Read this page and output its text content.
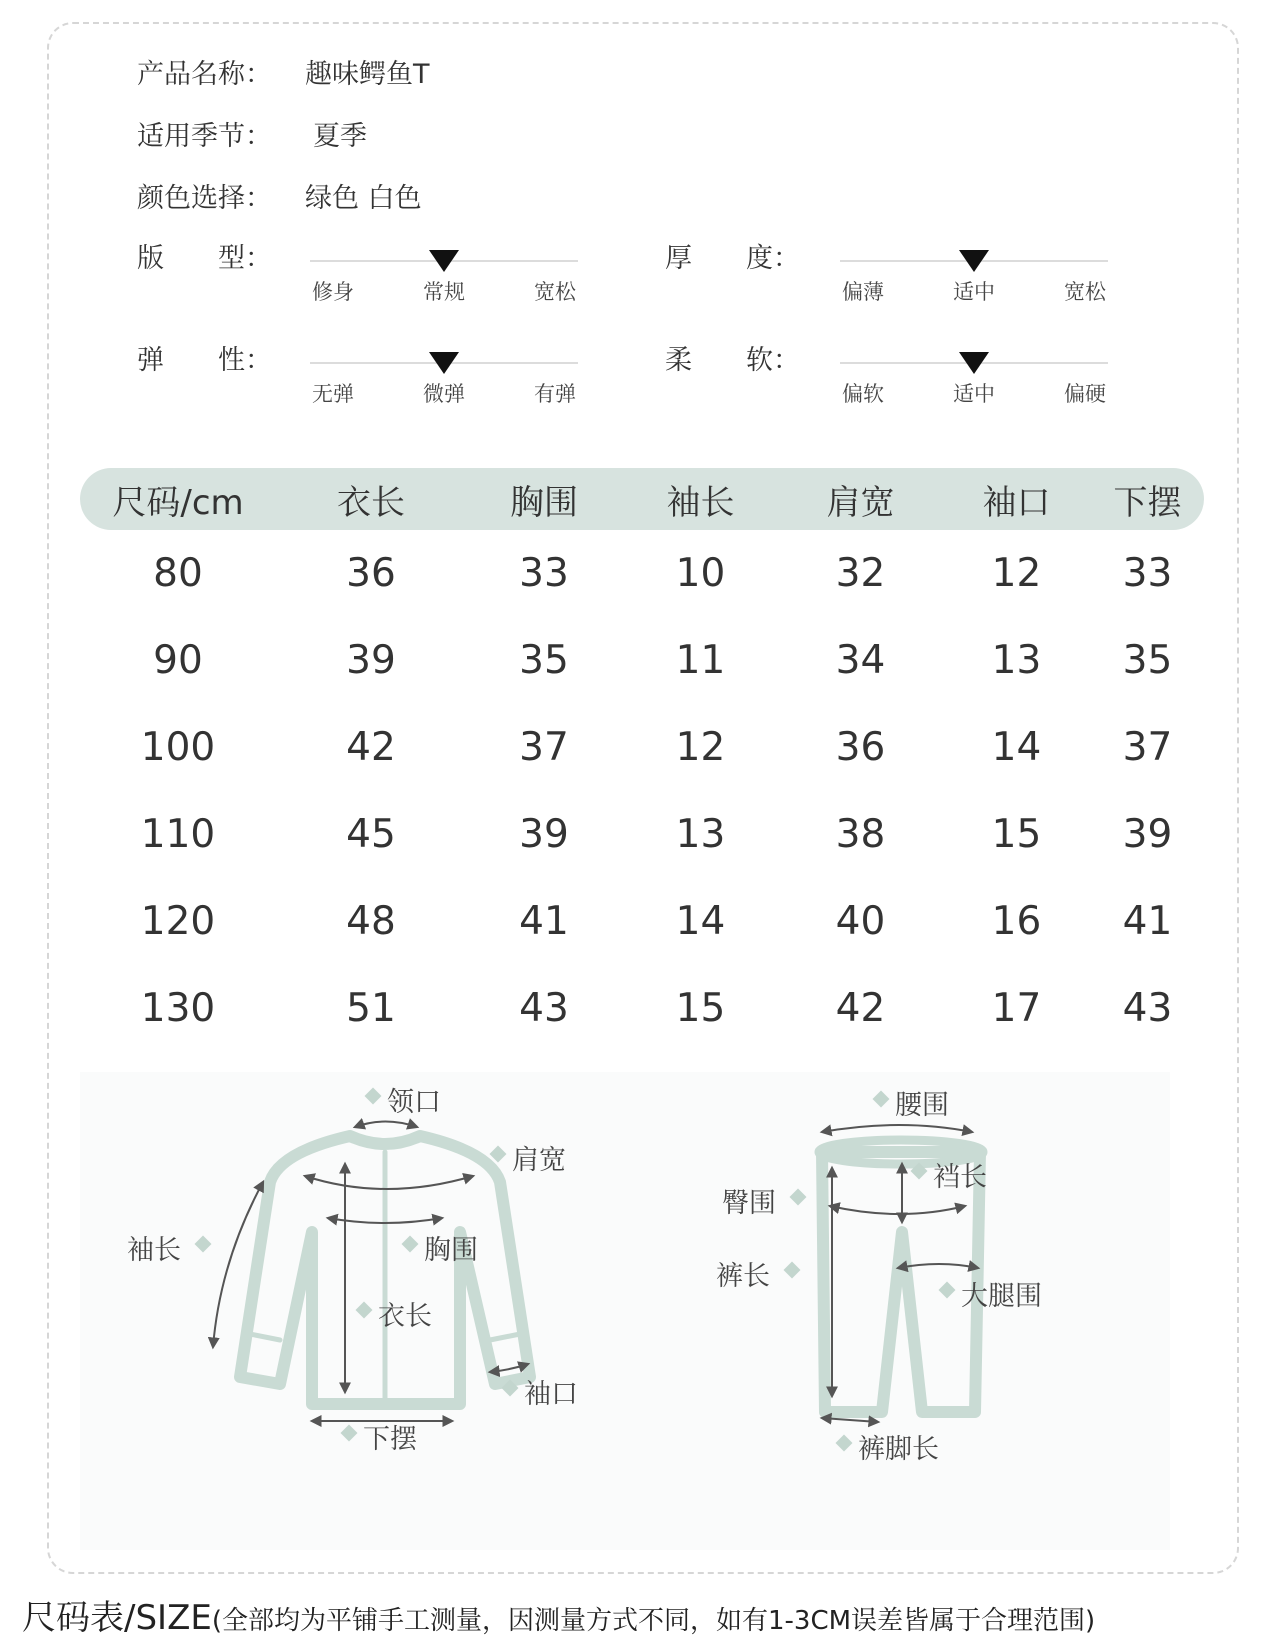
产品名称： 趣味鳄鱼T
适用季节： 夏季
颜色选择： 绿色 白色
版　　型：
修身	常规	宽松
厚　　度：
偏薄	适中	宽松
弹　　性：
无弹	微弹	有弹
柔　　软：
偏软	适中	偏硬
尺码/cm	衣长	胸围	袖长	肩宽	袖口	下摆
80	36	33	10	32	12	33
90	39	35	11	34	13	35
100	42	37	12	36	14	37
110	45	39	13	38	15	39
120	48	41	14	40	16	41
130	51	43	15	42	17	43
领口
肩宽
袖长	胸围
衣长
袖口
下摆
腰围
裆长
臀围
裤长
大腿围
裤脚长
尺码表/SIZE(全部均为平铺手工测量，因测量方式不同，如有1-3CM误差皆属于合理范围)
